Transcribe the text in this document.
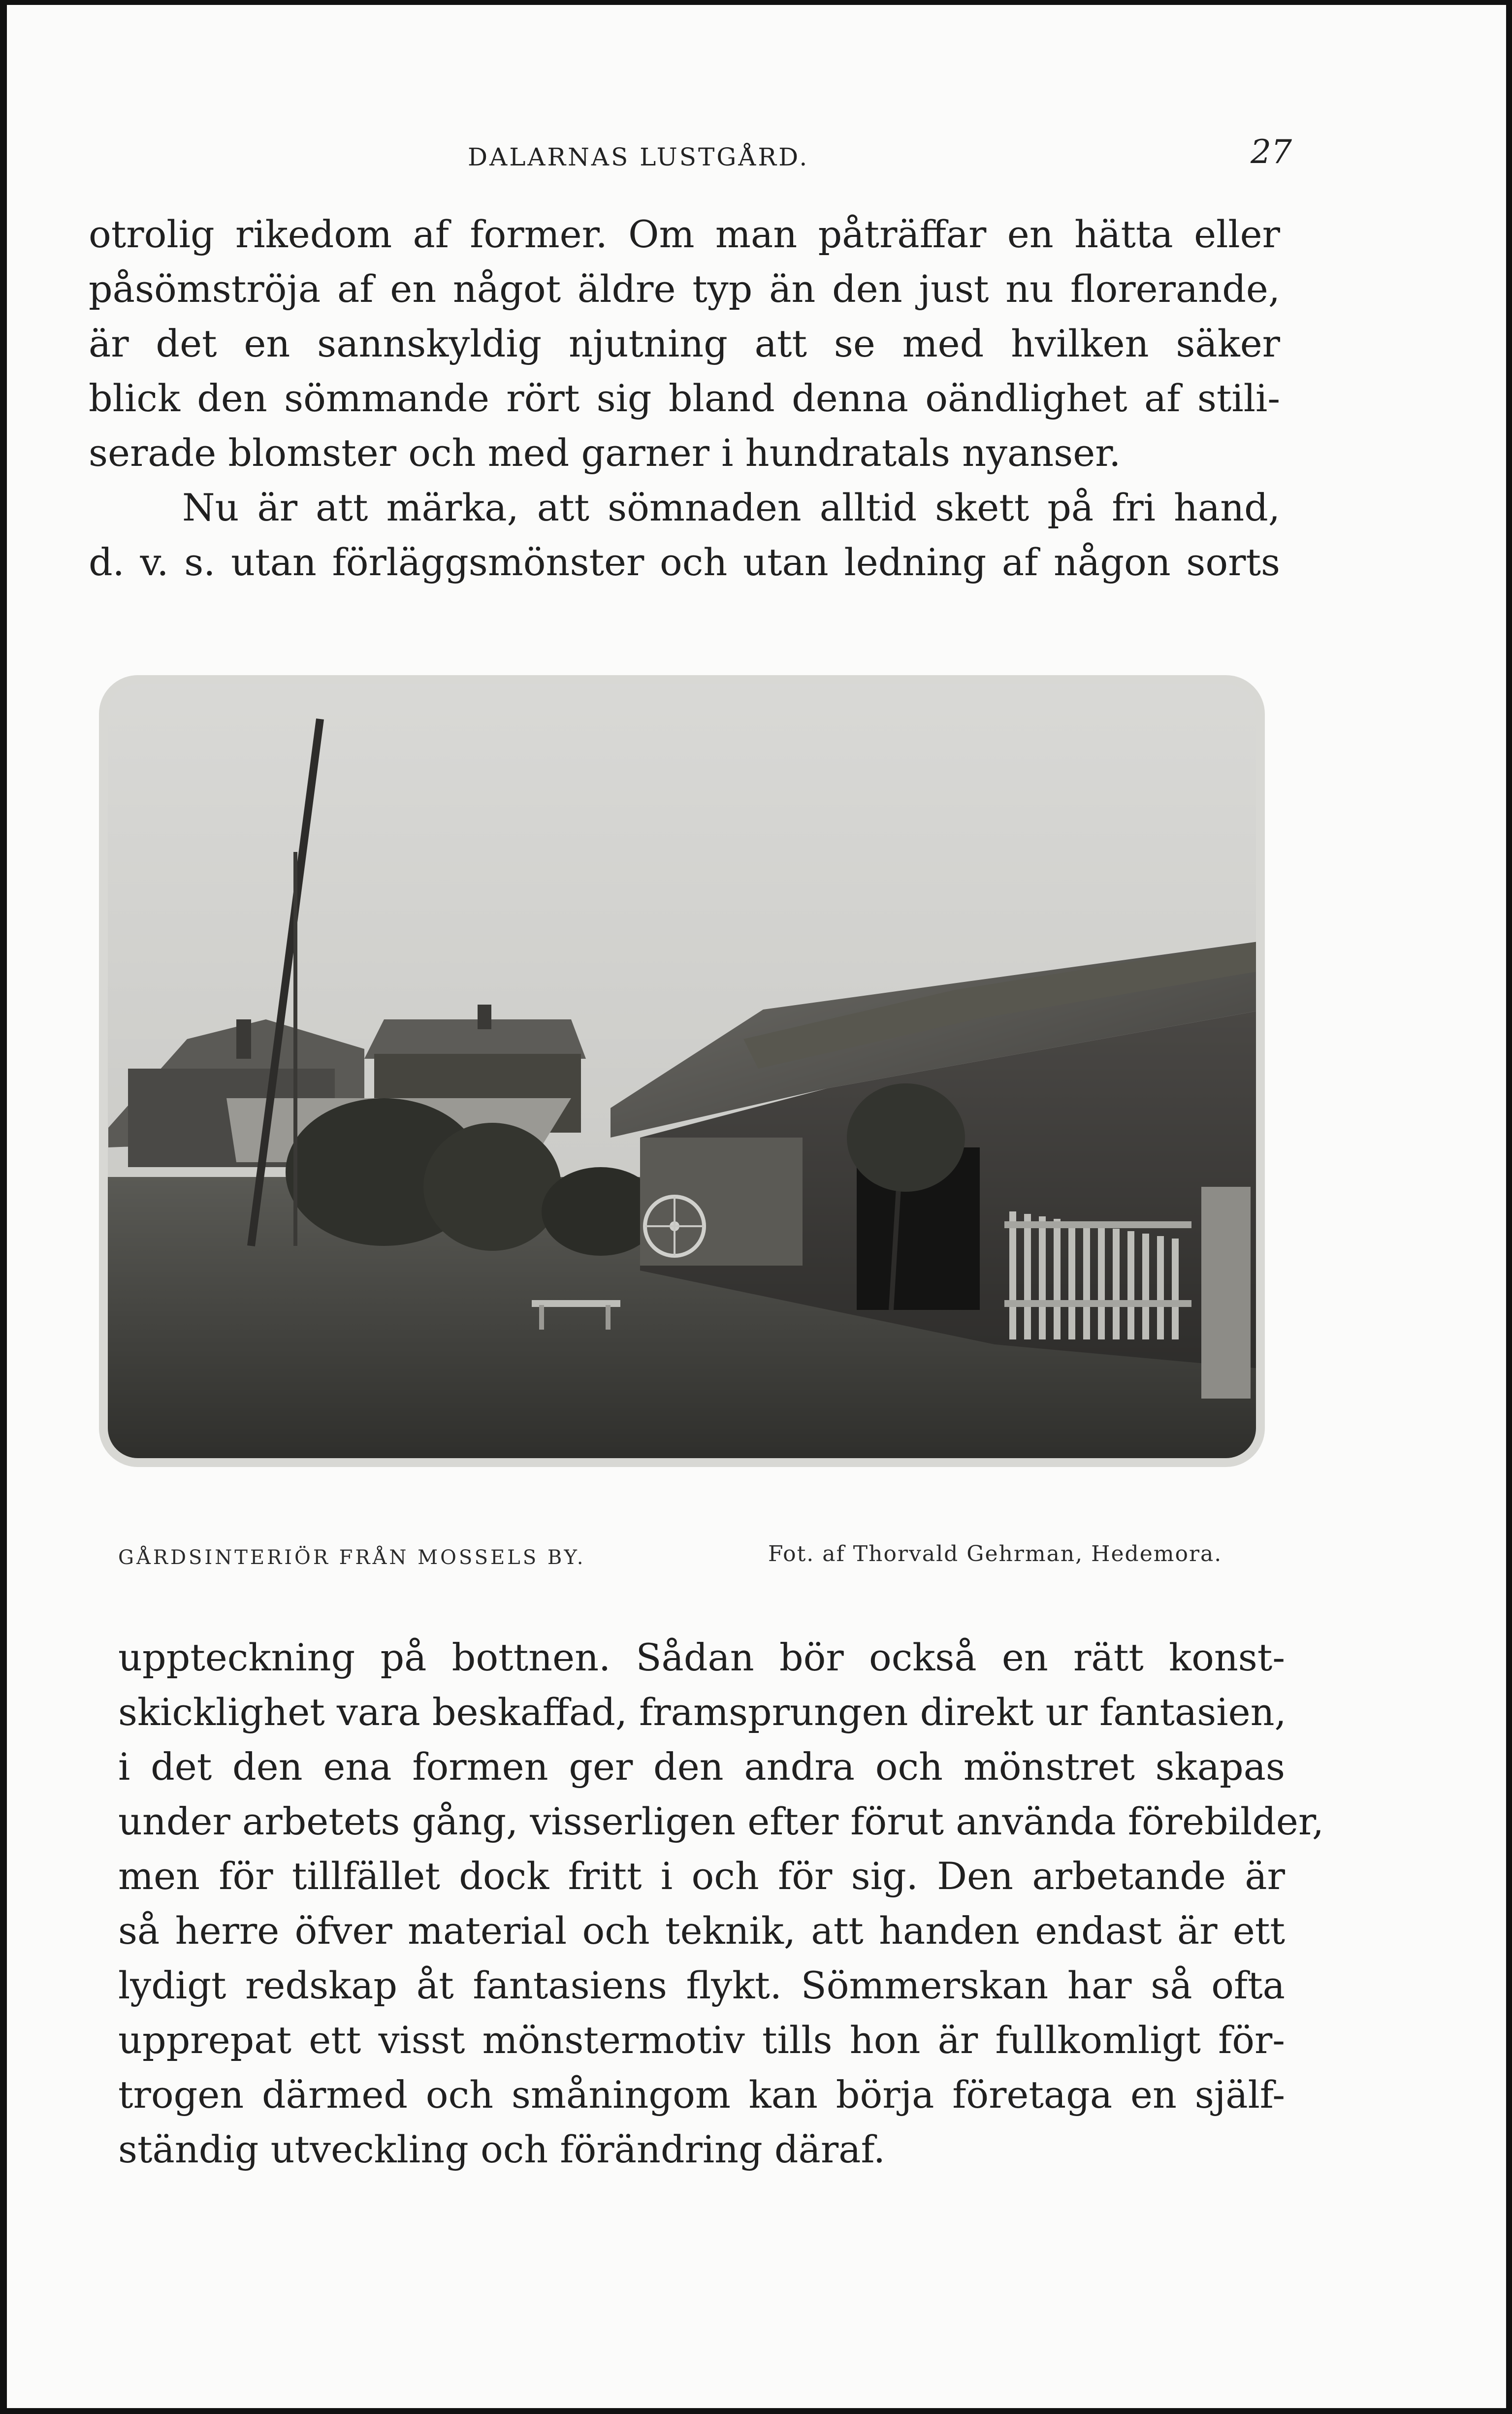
DALARNAS LUSTGÅRD.	27
otrolig rikedom af former. Om man påträffar en hätta eller
påsömströja af en något äldre typ än den just nu florerande,
är det en sannskyldig njutning att se med hvilken säker
blick den sömmande rört sig bland denna oändlighet af stili-
serade blomster och med garner i hundratals nyanser.
Nu är att märka, att sömnaden alltid skett på fri hand,
d. v. s. utan förläggsmönster och utan ledning af någon sorts
GÅRDSINTERIÖR FRÅN MOSSELS BY.	Fot. af Thorvald Gehrman, Hedemora.
uppteckning på bottnen. Sådan bör också en rätt konst-
skicklighet vara beskaffad, framsprungen direkt ur fantasien,
i det den ena formen ger den andra och mönstret skapas
under arbetets gång, visserligen efter förut använda förebilder,
men för tillfället dock fritt i och för sig. Den arbetande är
så herre öfver material och teknik, att handen endast är ett
lydigt redskap åt fantasiens flykt. Sömmerskan har så ofta
upprepat ett visst mönstermotiv tills hon är fullkomligt för-
trogen därmed och småningom kan börja företaga en själf-
ständig utveckling och förändring däraf.
